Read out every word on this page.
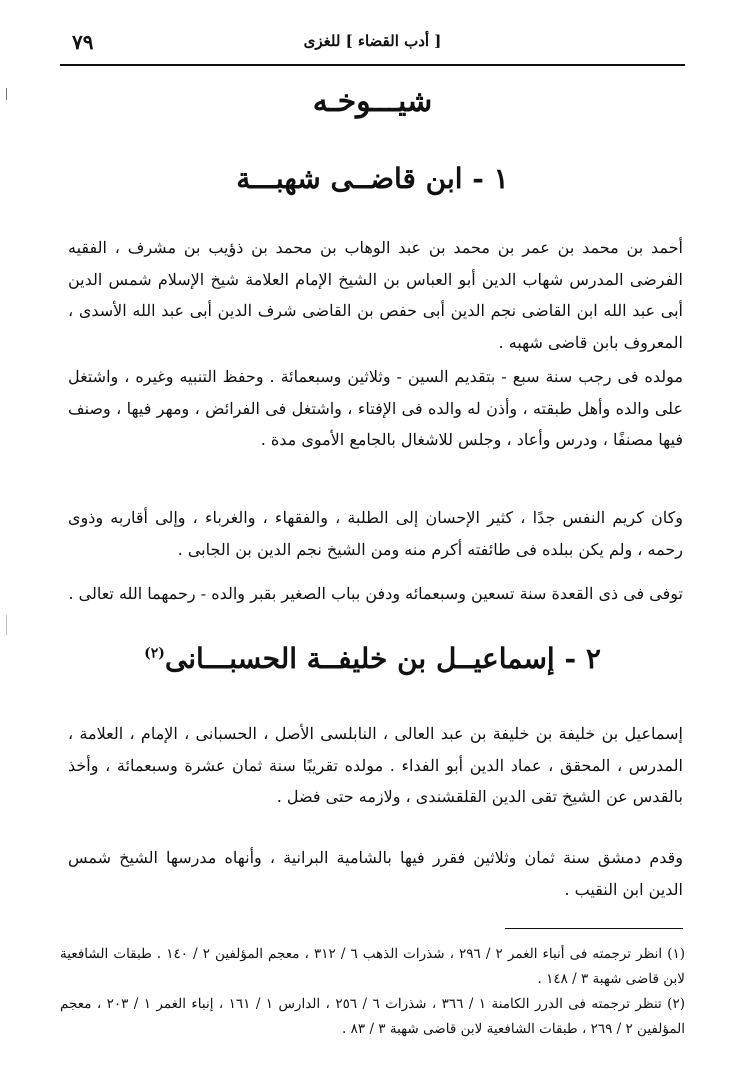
٧٩	[ أدب القضاء ] للغزى
شيـــوخـه
١ - ابن قاضــى شهبـــة

أحمد بن محمد بن عمر بن محمد بن عبد الوهاب بن محمد بن ذؤيب بن مشرف ، الفقيه الفرضى المدرس شهاب الدين أبو العباس بن الشيخ الإمام العلامة شيخ الإسلام شمس الدين أبى عبد الله ابن القاضى نجم الدين أبى حفص بن القاضى شرف الدين أبى عبد الله الأسدى ، المعروف بابن قاضى شهبه .

مولده فى رجب سنة سبع - بتقديم السين - وثلاثين وسبعمائة . وحفظ التنبيه وغيره ، واشتغل على والده وأهل طبقته ، وأذن له والده فى الإفتاء ، واشتغل فى الفرائض ، ومهر فيها ، وصنف فيها مصنفًا ، ودرس وأعاد ، وجلس للاشغال بالجامع الأموى مدة .

وكان كريم النفس جدًا ، كثير الإحسان إلى الطلبة ، والفقهاء ، والغرباء ، وإلى أقاربه وذوى رحمه ، ولم يكن ببلده فى طائفته أكرم منه ومن الشيخ نجم الدين بن الجابى .

توفى فى ذى القعدة سنة تسعين وسبعمائه ودفن بباب الصغير بقبر والده - رحمهما الله تعالى .

٢ - إسماعيــل بن خليفــة الحسبـــانى$^{(٢)}$

إسماعيل بن خليفة بن خليفة بن عبد العالى ، النابلسى الأصل ، الحسبانى ، الإمام ، العلامة ، المدرس ، المحقق ، عماد الدين أبو الفداء . مولده تقريبًا سنة ثمان عشرة وسبعمائة ، وأخذ بالقدس عن الشيخ تقى الدين القلقشندى ، ولازمه حتى فضل .

وقدم دمشق سنة ثمان وثلاثين فقرر فيها بالشامية البرانية ، وأنهاه مدرسها الشيخ شمس الدين ابن النقيب .

(١) انظر ترجمته فى أنباء الغمر ٢ / ٢٩٦ ، شذرات الذهب ٦ / ٣١٢ ، معجم المؤلفين ٢ / ١٤٠ . طبقات الشافعية لابن قاضى شهبة ٣ / ١٤٨ .

(٢) تنظر ترجمته فى الدرر الكامنة ١ / ٣٦٦ ، شذرات ٦ / ٢٥٦ ، الدارس ١ / ١٦١ ، إنباء الغمر ١ / ٢٠٣ ، معجم المؤلفين ٢ / ٢٦٩ ، طبقات الشافعية لابن قاضى شهبة ٣ / ٨٣ .
